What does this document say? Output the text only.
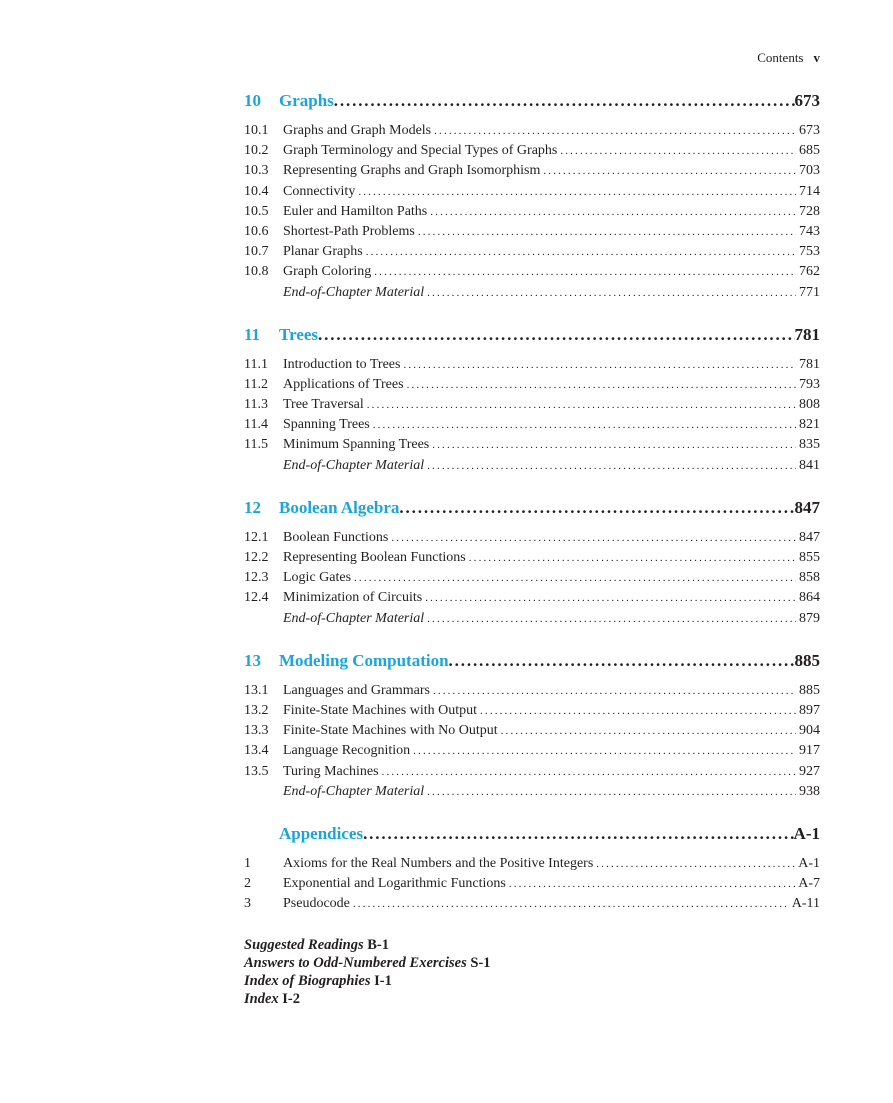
Contents v
10	Graphs . . .	673
10.1	Graphs and Graph Models . . .	673
10.2	Graph Terminology and Special Types of Graphs . . .	685
10.3	Representing Graphs and Graph Isomorphism . . .	703
10.4	Connectivity . . .	714
10.5	Euler and Hamilton Paths . . .	728
10.6	Shortest-Path Problems . . .	743
10.7	Planar Graphs . . .	753
10.8	Graph Coloring . . .	762
End-of-Chapter Material . . .	771
11	Trees . . .	781
11.1	Introduction to Trees . . .	781
11.2	Applications of Trees . . .	793
11.3	Tree Traversal . . .	808
11.4	Spanning Trees . . .	821
11.5	Minimum Spanning Trees . . .	835
End-of-Chapter Material . . .	841
12	Boolean Algebra . . .	847
12.1	Boolean Functions . . .	847
12.2	Representing Boolean Functions . . .	855
12.3	Logic Gates . . .	858
12.4	Minimization of Circuits . . .	864
End-of-Chapter Material . . .	879
13	Modeling Computation . . .	885
13.1	Languages and Grammars . . .	885
13.2	Finite-State Machines with Output . . .	897
13.3	Finite-State Machines with No Output . . .	904
13.4	Language Recognition . . .	917
13.5	Turing Machines . . .	927
End-of-Chapter Material . . .	938
Appendices . . .	A-1
1	Axioms for the Real Numbers and the Positive Integers . . .	A-1
2	Exponential and Logarithmic Functions . . .	A-7
3	Pseudocode . . .	A-11
Suggested Readings B-1
Answers to Odd-Numbered Exercises S-1
Index of Biographies I-1
Index I-2
